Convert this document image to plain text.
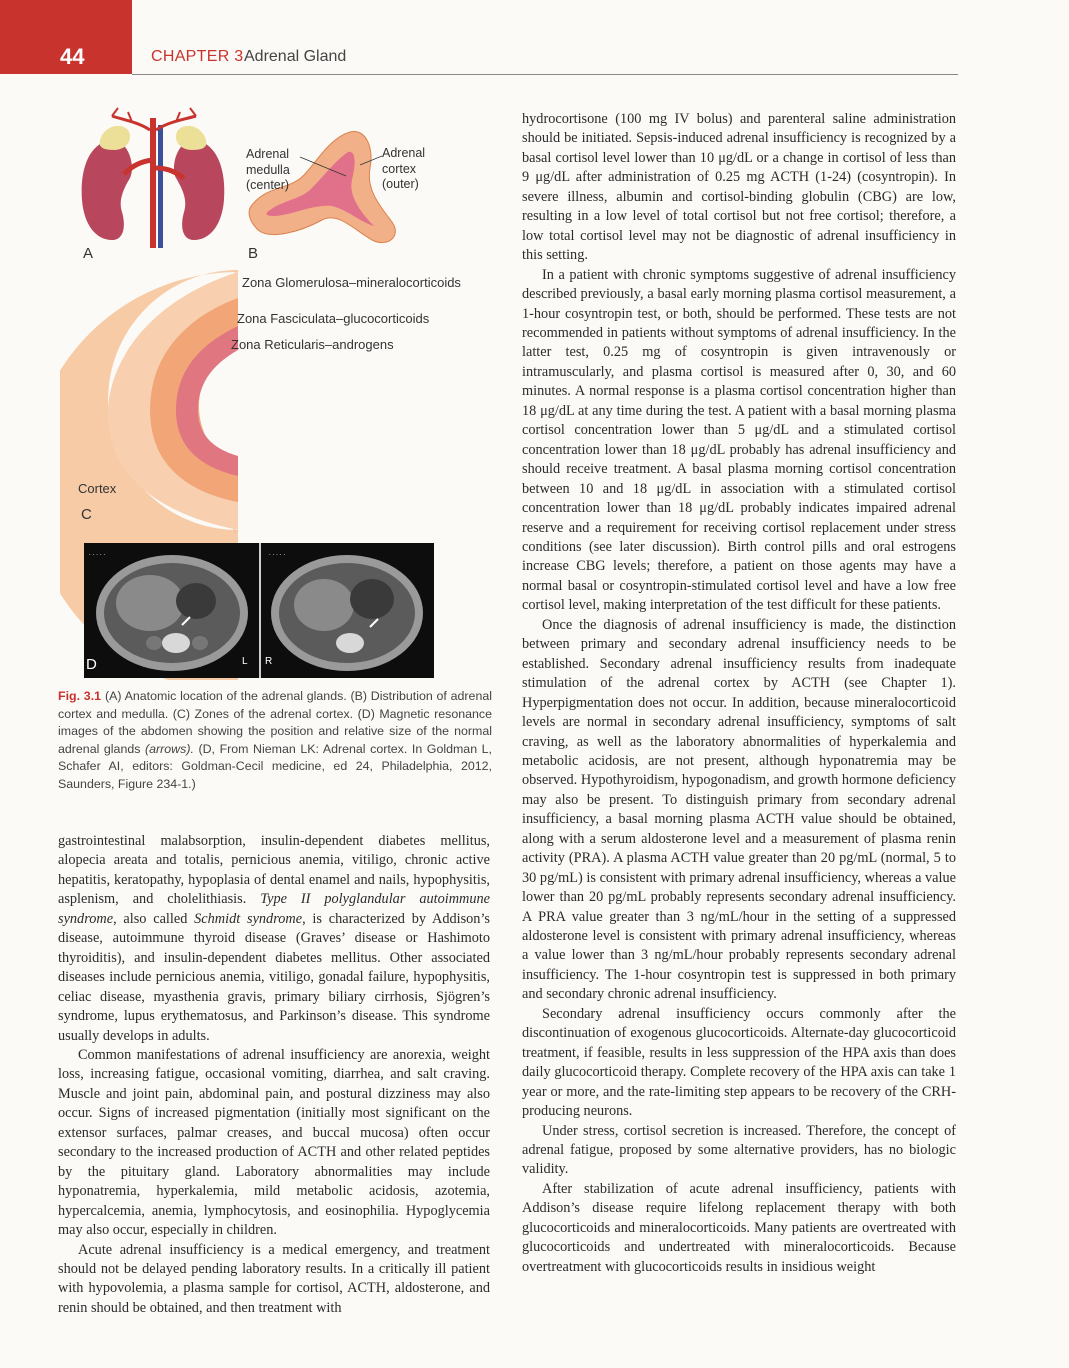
44	CHAPTER 3 Adrenal Gland
A
Adrenal medulla (center)
Adrenal cortex (outer)
B
Zona Glomerulosa–mineralocorticoids
Zona Fasciculata–glucocorticoids
Zona Reticularis–androgens
Cortex
C
.....	.....
D	L R
Fig. 3.1 (A) Anatomic location of the adrenal glands. (B) Distribution of adrenal cortex and medulla. (C) Zones of the adrenal cortex. (D) Magnetic resonance images of the abdomen showing the position and relative size of the normal adrenal glands (arrows). (D, From Nieman LK: Adrenal cortex. In Goldman L, Schafer AI, editors: Goldman-Cecil medicine, ed 24, Philadelphia, 2012, Saunders, Figure 234-1.)

gastrointestinal malabsorption, insulin-dependent diabetes mellitus, alopecia areata and totalis, pernicious anemia, vitiligo, chronic active hepatitis, keratopathy, hypoplasia of dental enamel and nails, hypophysitis, asplenism, and cholelithiasis. Type II polyglandular autoimmune syndrome, also called Schmidt syndrome, is characterized by Addison’s disease, autoimmune thyroid disease (Graves’ disease or Hashimoto thyroiditis), and insulin-dependent diabetes mellitus. Other associated diseases include pernicious anemia, vitiligo, gonadal failure, hypophysitis, celiac disease, myasthenia gravis, primary biliary cirrhosis, Sjögren’s syndrome, lupus erythematosus, and Parkinson’s disease. This syndrome usually develops in adults.

Common manifestations of adrenal insufficiency are anorexia, weight loss, increasing fatigue, occasional vomiting, diarrhea, and salt craving. Muscle and joint pain, abdominal pain, and postural dizziness may also occur. Signs of increased pigmentation (initially most significant on the extensor surfaces, palmar creases, and buccal mucosa) often occur secondary to the increased production of ACTH and other related peptides by the pituitary gland. Laboratory abnormalities may include hyponatremia, hyperkalemia, mild metabolic acidosis, azotemia, hypercalcemia, anemia, lymphocytosis, and eosinophilia. Hypoglycemia may also occur, especially in children.

Acute adrenal insufficiency is a medical emergency, and treatment should not be delayed pending laboratory results. In a critically ill patient with hypovolemia, a plasma sample for cortisol, ACTH, aldosterone, and renin should be obtained, and then treatment with

hydrocortisone (100 mg IV bolus) and parenteral saline administration should be initiated. Sepsis-induced adrenal insufficiency is recognized by a basal cortisol level lower than 10 μg/dL or a change in cortisol of less than 9 μg/dL after administration of 0.25 mg ACTH (1-24) (cosyntropin). In severe illness, albumin and cortisol-binding globulin (CBG) are low, resulting in a low level of total cortisol but not free cortisol; therefore, a low total cortisol level may not be diagnostic of adrenal insufficiency in this setting.

In a patient with chronic symptoms suggestive of adrenal insufficiency described previously, a basal early morning plasma cortisol measurement, a 1-hour cosyntropin test, or both, should be performed. These tests are not recommended in patients without symptoms of adrenal insufficiency. In the latter test, 0.25 mg of cosyntropin is given intravenously or intramuscularly, and plasma cortisol is measured after 0, 30, and 60 minutes. A normal response is a plasma cortisol concentration higher than 18 μg/dL at any time during the test. A patient with a basal morning plasma cortisol concentration lower than 5 μg/dL and a stimulated cortisol concentration lower than 18 μg/dL probably has adrenal insufficiency and should receive treatment. A basal plasma morning cortisol concentration between 10 and 18 μg/dL in association with a stimulated cortisol concentration lower than 18 μg/dL probably indicates impaired adrenal reserve and a requirement for receiving cortisol replacement under stress conditions (see later discussion). Birth control pills and oral estrogens increase CBG levels; therefore, a patient on those agents may have a normal basal or cosyntropin-stimulated cortisol level and have a low free cortisol level, making interpretation of the test difficult for these patients.

Once the diagnosis of adrenal insufficiency is made, the distinction between primary and secondary adrenal insufficiency needs to be established. Secondary adrenal insufficiency results from inadequate stimulation of the adrenal cortex by ACTH (see Chapter 1). Hyperpigmentation does not occur. In addition, because mineralocorticoid levels are normal in secondary adrenal insufficiency, symptoms of salt craving, as well as the laboratory abnormalities of hyperkalemia and metabolic acidosis, are not present, although hyponatremia may be observed. Hypothyroidism, hypogonadism, and growth hormone deficiency may also be present. To distinguish primary from secondary adrenal insufficiency, a basal morning plasma ACTH value should be obtained, along with a serum aldosterone level and a measurement of plasma renin activity (PRA). A plasma ACTH value greater than 20 pg/mL (normal, 5 to 30 pg/mL) is consistent with primary adrenal insufficiency, whereas a value lower than 20 pg/mL probably represents secondary adrenal insufficiency. A PRA value greater than 3 ng/mL/hour in the setting of a suppressed aldosterone level is consistent with primary adrenal insufficiency, whereas a value lower than 3 ng/mL/hour probably represents secondary adrenal insufficiency. The 1-hour cosyntropin test is suppressed in both primary and secondary chronic adrenal insufficiency.

Secondary adrenal insufficiency occurs commonly after the discontinuation of exogenous glucocorticoids. Alternate-day glucocorticoid treatment, if feasible, results in less suppression of the HPA axis than does daily glucocorticoid therapy. Complete recovery of the HPA axis can take 1 year or more, and the rate-limiting step appears to be recovery of the CRH-producing neurons.

Under stress, cortisol secretion is increased. Therefore, the concept of adrenal fatigue, proposed by some alternative providers, has no biologic validity.

After stabilization of acute adrenal insufficiency, patients with Addison’s disease require lifelong replacement therapy with both glucocorticoids and mineralocorticoids. Many patients are overtreated with glucocorticoids and undertreated with mineralocorticoids. Because overtreatment with glucocorticoids results in insidious weight
